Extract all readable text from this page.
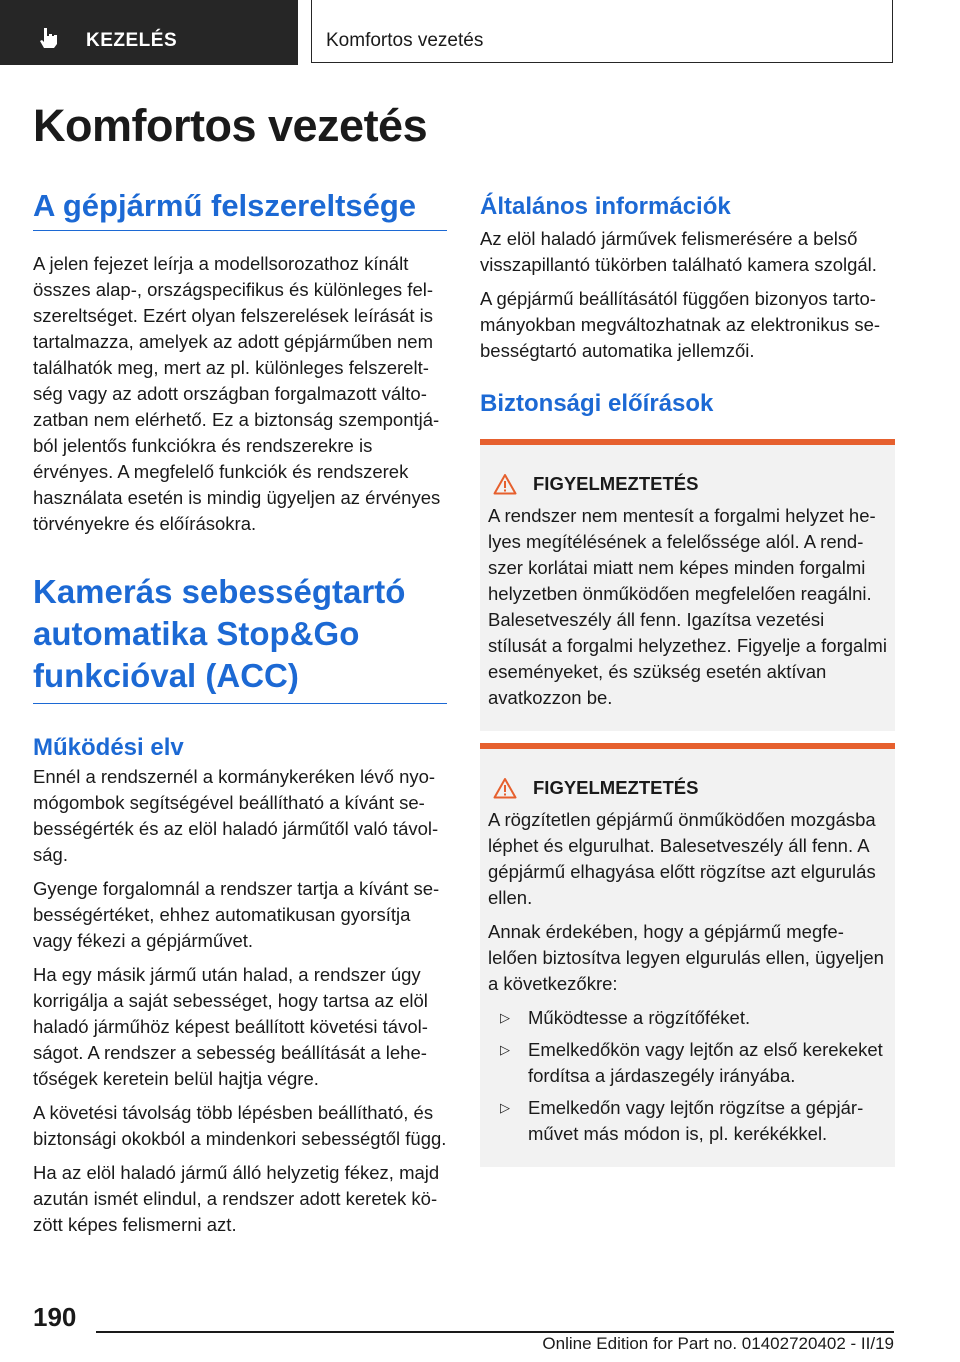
KEZELÉS	Komfortos vezetés
Komfortos vezetés
A gépjármű felszereltsége

A jelen fejezet leírja a modellsorozathoz kínált összes alap-, országspecifikus és különleges felszereltséget. Ezért olyan felszerelések leírását is tartalmazza, amelyek az adott gépjárműben nem találhatók meg, mert az pl. különleges felszereltség vagy az adott országban forgalmazott változatban nem elérhető. Ez a biztonság szempontjából jelentős funkciókra és rendszerekre is érvényes. A megfelelő funkciók és rendszerek használata esetén is mindig ügyeljen az érvényes törvényekre és előírásokra.

Kamerás sebességtartó automatika Stop&Go funkcióval (ACC)
Működési elv

Ennél a rendszernél a kormánykeréken lévő nyomógombok segítségével beállítható a kívánt sebességérték és az elöl haladó járműtől való távolság.

Gyenge forgalomnál a rendszer tartja a kívánt sebességértéket, ehhez automatikusan gyorsítja vagy fékezi a gépjárművet.

Ha egy másik jármű után halad, a rendszer úgy korrigálja a saját sebességet, hogy tartsa az elöl haladó járműhöz képest beállított követési távolságot. A rendszer a sebesség beállítását a lehetőségek keretein belül hajtja végre.

A követési távolság több lépésben beállítható, és biztonsági okokból a mindenkori sebességtől függ.

Ha az elöl haladó jármű álló helyzetig fékez, majd azután ismét elindul, a rendszer adott keretek között képes felismerni azt.

Általános információk

Az elöl haladó járművek felismerésére a belső visszapillantó tükörben található kamera szolgál.

A gépjármű beállításától függően bizonyos tartományokban megváltozhatnak az elektronikus sebességtartó automatika jellemzői.

Biztonsági előírások
FIGYELMEZTETÉS

A rendszer nem mentesít a forgalmi helyzet helyes megítélésének a felelőssége alól. A rendszer korlátai miatt nem képes minden forgalmi helyzetben önműködően megfelelően reagálni. Balesetveszély áll fenn. Igazítsa vezetési stílusát a forgalmi helyzethez. Figyelje a forgalmi eseményeket, és szükség esetén aktívan avatkozzon be.

FIGYELMEZTETÉS

A rögzítetlen gépjármű önműködően mozgásba léphet és elgurulhat. Balesetveszély áll fenn. A gépjármű elhagyása előtt rögzítse azt elgurulás ellen.

Annak érdekében, hogy a gépjármű megfelelően biztosítva legyen elgurulás ellen, ügyeljen a következőkre:

▷ Működtesse a rögzítőféket.
▷ Emelkedőkön vagy lejtőn az első kerekeket fordítsa a járdaszegély irányába.
▷ Emelkedőn vagy lejtőn rögzítse a gépjárművet más módon is, pl. kerékékkel.
190
Online Edition for Part no. 01402720402 - II/19
